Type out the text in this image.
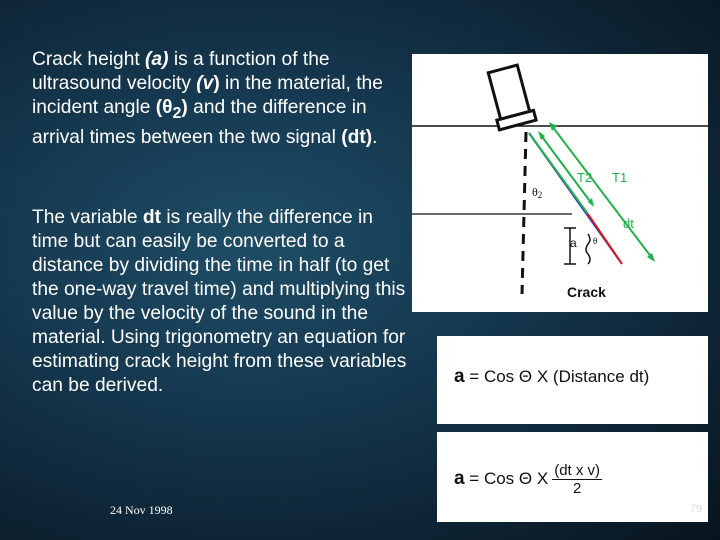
Crack height (a) is a function of the ultrasound velocity (v) in the material, the incident angle $(\theta_2)$ and the difference in arrival times between the two signal (dt).
The variable dt is really the difference in time but can easily be converted to a distance by dividing the time in half (to get the one-way travel time) and multiplying this value by the velocity of the sound in the material. Using trigonometry an equation for estimating crack height from these variables can be derived.
T2 T1
θ2
dt
a θ
Crack
a = Cos Θ X (Distance dt)
a = Cos Θ X $\frac{\text{(dt x v)}}{2}$
24 Nov 1998	79
